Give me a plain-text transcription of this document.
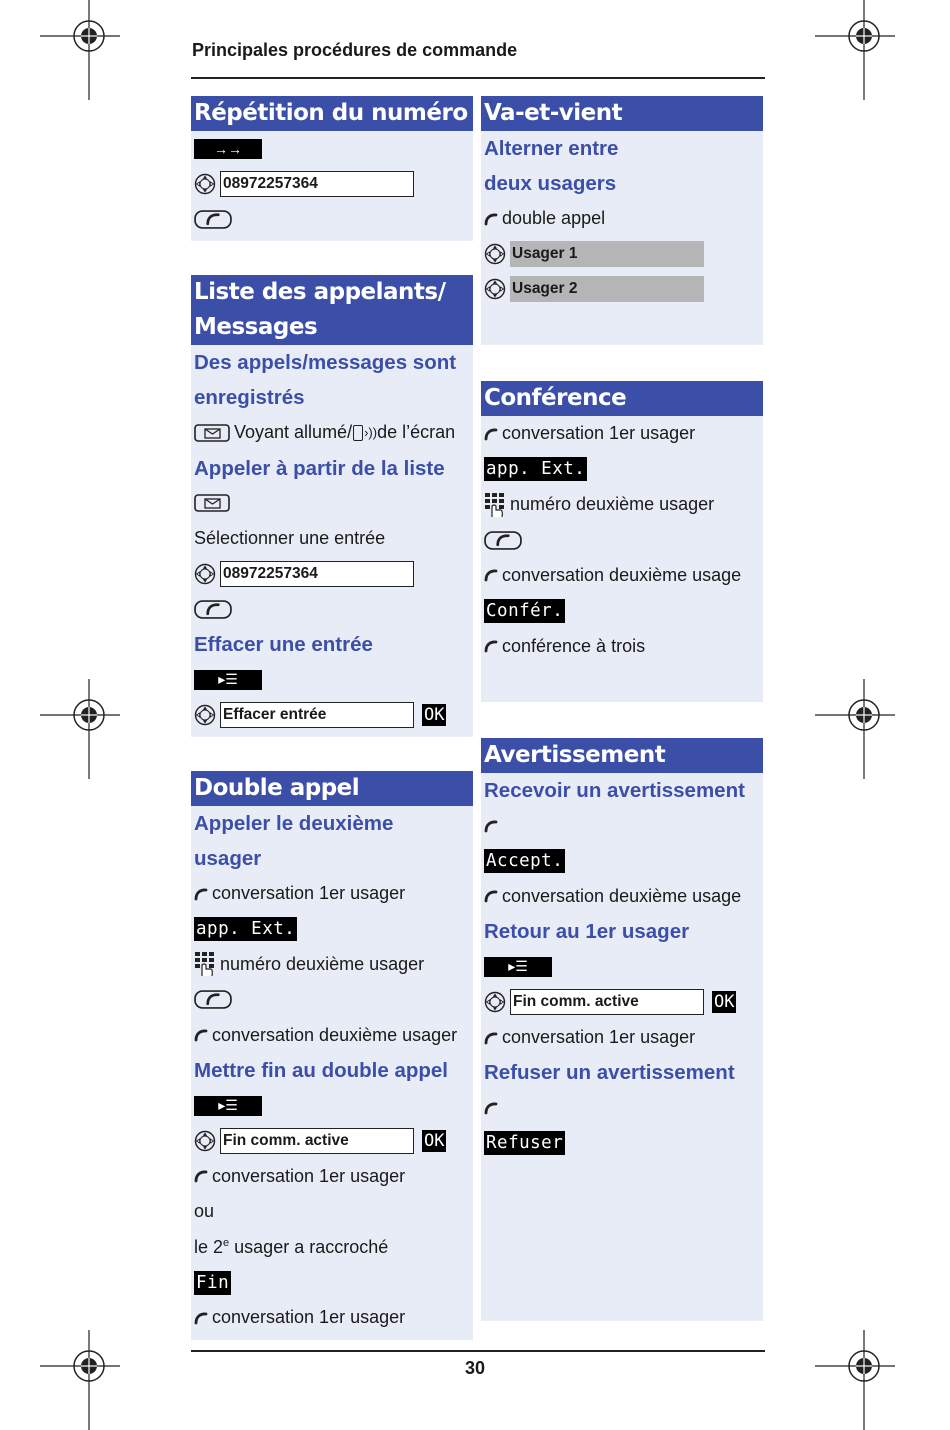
Principales procédures de commande
Répétition du numéro
→→
08972257364
Liste des appelants/
Messages
Des appels/messages sont
enregistrés
Voyant allumé/ ›)) de l’écran
Appeler à partir de la liste
Sélectionner une entrée
08972257364
Effacer une entrée
▸☰
Effacer entrée	OK
Double appel
Appeler le deuxième
usager
conversation 1er usager
app. Ext.
numéro deuxième usager
conversation deuxième usager
Mettre fin au double appel
▸☰
Fin comm. active	OK
conversation 1er usager
ou
le 2e usager a raccroché
Fin
conversation 1er usager
Va-et-vient
Alterner entre
deux usagers
double appel
Usager 1
Usager 2
Conférence
conversation 1er usager
app. Ext.
numéro deuxième usager
conversation deuxième usage
Confér.
conférence à trois
Avertissement
Recevoir un avertissement
Accept.
conversation deuxième usage
Retour au 1er usager
▸☰
Fin comm. active	OK
conversation 1er usager
Refuser un avertissement
Refuser
30
